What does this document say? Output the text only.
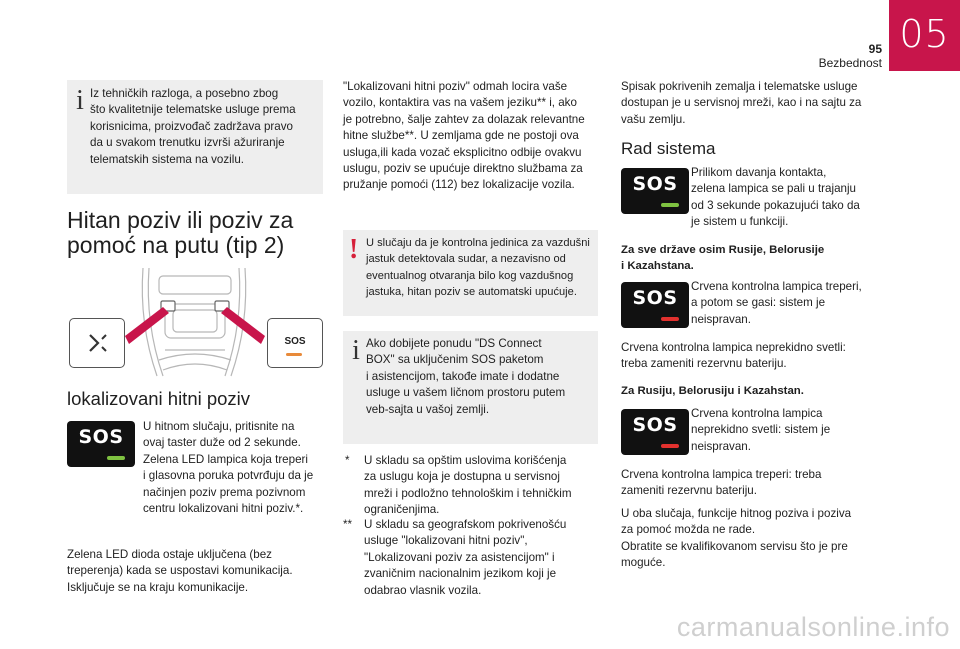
95
Bezbednost
05
i Iz tehničkih razloga, a posebno zbog

što kvalitetnije telematske usluge prema

korisnicima, proizvođač zadržava pravo

da u svakom trenutku izvrši ažuriranje

telematskih sistema na vozilu.

Hitan poziv ili poziv za
pomoć na putu (tip 2)
SOS
lokalizovani hitni poziv
SOS	U hitnom slučaju, pritisnite na

ovaj taster duže od 2 sekunde.

Zelena LED lampica koja treperi

i glasovna poruka potvrđuju da je

načinjen poziv prema pozivnom

centru lokalizovani hitni poziv.*.

Zelena LED dioda ostaje uključena (bez

treperenja) kada se uspostavi komunikacija.

Isključuje se na kraju komunikacije.

"Lokalizovani hitni poziv" odmah locira vaše

vozilo, kontaktira vas na vašem jeziku** i, ako

je potrebno, šalje zahtev za dolazak relevantne

hitne službe**. U zemljama gde ne postoji ova

usluga,ili kada vozač eksplicitno odbije ovakvu

uslugu, poziv se upućuje direktno službama za

pružanje pomoći (112) bez lokalizacije vozila.

! U slučaju da je kontrolna jedinica za vazdušni

jastuk detektovala sudar, a nezavisno od

eventualnog otvaranja bilo kog vazdušnog

jastuka, hitan poziv se automatski upućuje.

i Ako dobijete ponudu "DS Connect

BOX" sa uključenim SOS paketom

i asistencijom, takođe imate i dodatne

usluge u vašem ličnom prostoru putem

veb-sajta u vašoj zemlji.

* U skladu sa opštim uslovima korišćenja

za uslugu koja je dostupna u servisnoj

mreži i podložno tehnološkim i tehničkim

ograničenjima.

** U skladu sa geografskom pokrivenošću

usluge "lokalizovani hitni poziv",

"Lokalizovani poziv za asistencijom" i

zvaničnim nacionalnim jezikom koji je

odabrao vlasnik vozila.

Spisak pokrivenih zemalja i telematske usluge

dostupan je u servisnoj mreži, kao i na sajtu za

vašu zemlju.

Rad sistema
SOS

Prilikom davanja kontakta,

zelena lampica se pali u trajanju

od 3 sekunde pokazujući tako da

je sistem u funkciji.

Za sve države osim Rusije, Belorusije

i Kazahstana.

SOS

Crvena kontrolna lampica treperi,

a potom se gasi: sistem je

neispravan.

Crvena kontrolna lampica neprekidno svetli:

treba zameniti rezervnu bateriju.

Za Rusiju, Belorusiju i Kazahstan.

SOS

Crvena kontrolna lampica

neprekidno svetli: sistem je

neispravan.

Crvena kontrolna lampica treperi: treba

zameniti rezervnu bateriju.

U oba slučaja, funkcije hitnog poziva i poziva

za pomoć možda ne rade.

Obratite se kvalifikovanom servisu što je pre

moguće.

carmanualsonline.info
